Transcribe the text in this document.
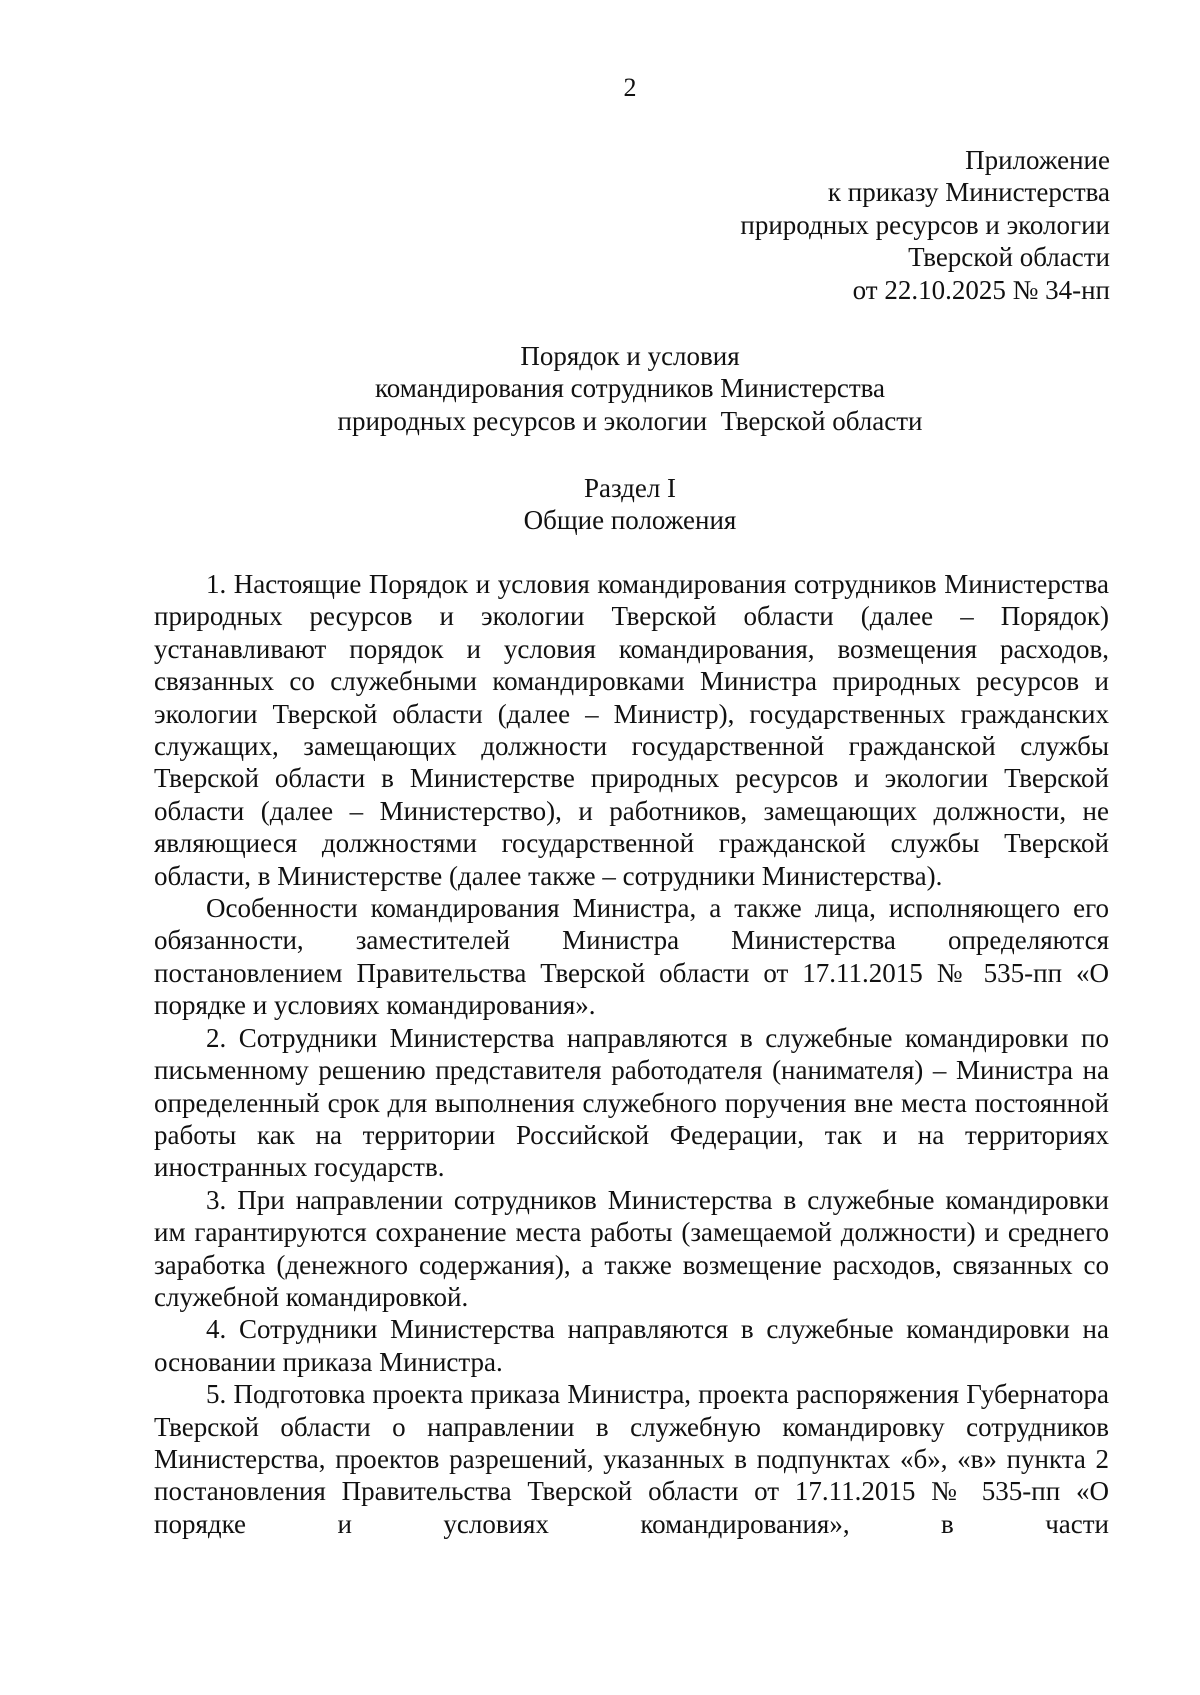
2
Приложение
к приказу Министерства
природных ресурсов и экологии
Тверской области
от 22.10.2025 № 34-нп
Порядок и условия
командирования сотрудников Министерства
природных ресурсов и экологии  Тверской области
Раздел I
Общие положения

1. Настоящие Порядок и условия командирования сотрудников Министерства природных ресурсов и экологии Тверской области (далее – Порядок) устанавливают порядок и условия командирования, возмещения расходов, связанных со служебными командировками Министра природных ресурсов и экологии Тверской области (далее – Министр), государственных гражданских служащих, замещающих должности государственной гражданской службы Тверской области в Министерстве природных ресурсов и экологии Тверской области (далее – Министерство), и работников, замещающих должности, не являющиеся должностями государственной гражданской службы Тверской области, в Министерстве (далее также – сотрудники Министерства).

Особенности командирования Министра, а также лица, исполняющего его обязанности, заместителей Министра Министерства определяются постановлением Правительства Тверской области от 17.11.2015 № 535-пп «О порядке и условиях командирования».

2. Сотрудники Министерства направляются в служебные командировки по письменному решению представителя работодателя (нанимателя) – Министра на определенный срок для выполнения служебного поручения вне места постоянной работы как на территории Российской Федерации, так и на территориях иностранных государств.

3. При направлении сотрудников Министерства в служебные командировки им гарантируются сохранение места работы (замещаемой должности) и среднего заработка (денежного содержания), а также возмещение расходов, связанных со служебной командировкой.

4. Сотрудники Министерства направляются в служебные командировки на основании приказа Министра.

5. Подготовка проекта приказа Министра, проекта распоряжения Губернатора Тверской области о направлении в служебную командировку сотрудников Министерства, проектов разрешений, указанных в подпунктах «б», «в» пункта 2 постановления Правительства Тверской области от 17.11.2015 № 535-пп «О порядке и условиях командирования», в части
